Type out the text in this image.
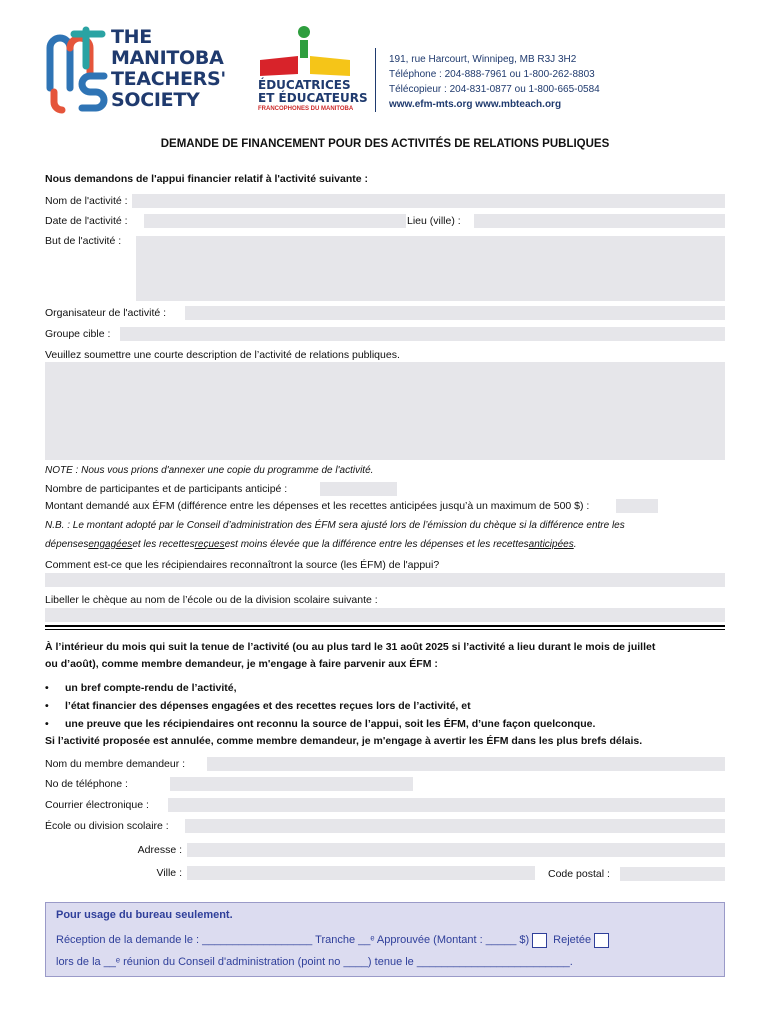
THE
MANITOBA
TEACHERS'
SOCIETY
ÉDUCATRICES
ET ÉDUCATEURS
FRANCOPHONES DU MANITOBA
191, rue Harcourt, Winnipeg, MB R3J 3H2
Téléphone : 204-888-7961 ou 1-800-262-8803
Télécopieur : 204-831-0877 ou 1-800-665-0584
www.efm-mts.org www.mbteach.org
DEMANDE DE FINANCEMENT POUR DES ACTIVITÉS DE RELATIONS PUBLIQUES
Nous demandons de l'appui financier relatif à l'activité suivante :
Nom de l'activité :
Date de l'activité :	Lieu (ville) :
But de l'activité :
Organisateur de l'activité :
Groupe cible :
Veuillez soumettre une courte description de l’activité de relations publiques.
NOTE : Nous vous prions d'annexer une copie du programme de l'activité.
Nombre de participantes et de participants anticipé :
Montant demandé aux ÉFM (différence entre les dépenses et les recettes anticipées jusqu’à un maximum de 500 $) :
N.B. : Le montant adopté par le Conseil d’administration des ÉFM sera ajusté lors de l’émission du chèque si la différence entre les
dépenses engagées et les recettes reçues est moins élevée que la différence entre les dépenses et les recettes anticipées .
Comment est-ce que les récipiendaires reconnaîtront la source (les ÉFM) de l'appui?
Libeller le chèque au nom de l’école ou de la division scolaire suivante :
À l’intérieur du mois qui suit la tenue de l’activité (ou au plus tard le 31 août 2025 si l’activité a lieu durant le mois de juillet
ou d’août), comme membre demandeur, je m'engage à faire parvenir aux ÉFM :
•	un bref compte-rendu de l’activité,
•	l’état financier des dépenses engagées et des recettes reçues lors de l’activité, et
•	une preuve que les récipiendaires ont reconnu la source de l’appui, soit les ÉFM, d’une façon quelconque.
Si l’activité proposée est annulée, comme membre demandeur, je m'engage à avertir les ÉFM dans les plus brefs délais.
Nom du membre demandeur :
No de téléphone :
Courrier électronique :
École ou division scolaire :
Adresse :
Ville :	Code postal :
Pour usage du bureau seulement.
Réception de la demande le : __________________ Tranche __ᵉ Approuvée (Montant : _____ $) Rejetée
lors de la __ᵉ réunion du Conseil d'administration (point no ____) tenue le _________________________.
